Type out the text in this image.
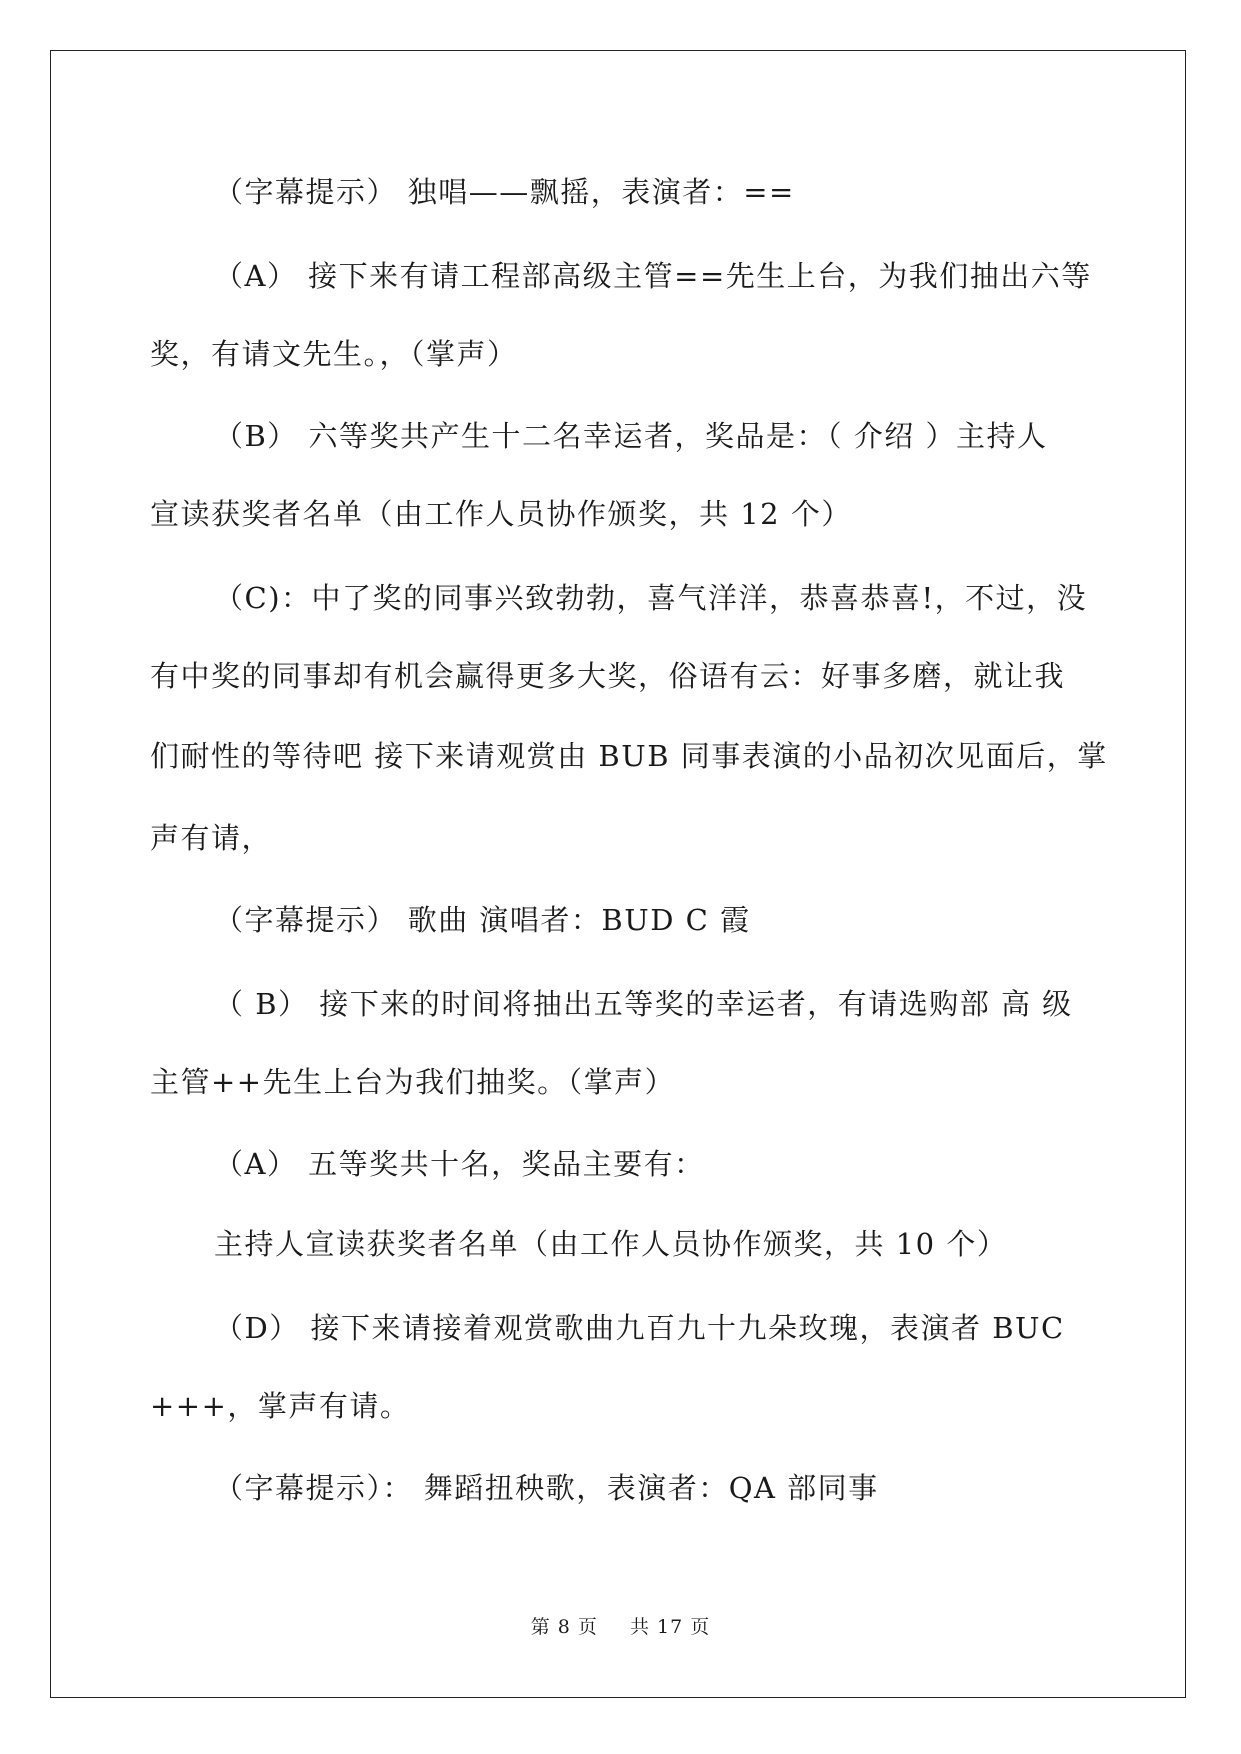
（字幕提示） 独唱——飘摇，表演者：==
（A） 接下来有请工程部高级主管==先生上台，为我们抽出六等
奖，有请文先生。，（掌声）
（B） 六等奖共产生十二名幸运者，奖品是：（ 介绍 ）主持人
宣读获奖者名单（由工作人员协作颁奖，共 12 个）
（C)：中了奖的同事兴致勃勃，喜气洋洋，恭喜恭喜!，不过，没
有中奖的同事却有机会赢得更多大奖，俗语有云：好事多磨，就让我
们耐性的等待吧 接下来请观赏由 BUB 同事表演的小品初次见面后，掌
声有请，
（字幕提示） 歌曲 演唱者：BUD C 霞
（ B） 接下来的时间将抽出五等奖的幸运者，有请选购部 高 级
主管++先生上台为我们抽奖。（掌声）
（A） 五等奖共十名，奖品主要有：
主持人宣读获奖者名单（由工作人员协作颁奖，共 10 个）
（D） 接下来请接着观赏歌曲九百九十九朵玫瑰，表演者 BUC
+++，掌声有请。
（字幕提示）： 舞蹈扭秧歌，表演者：QA 部同事
第 8 页 共 17 页
